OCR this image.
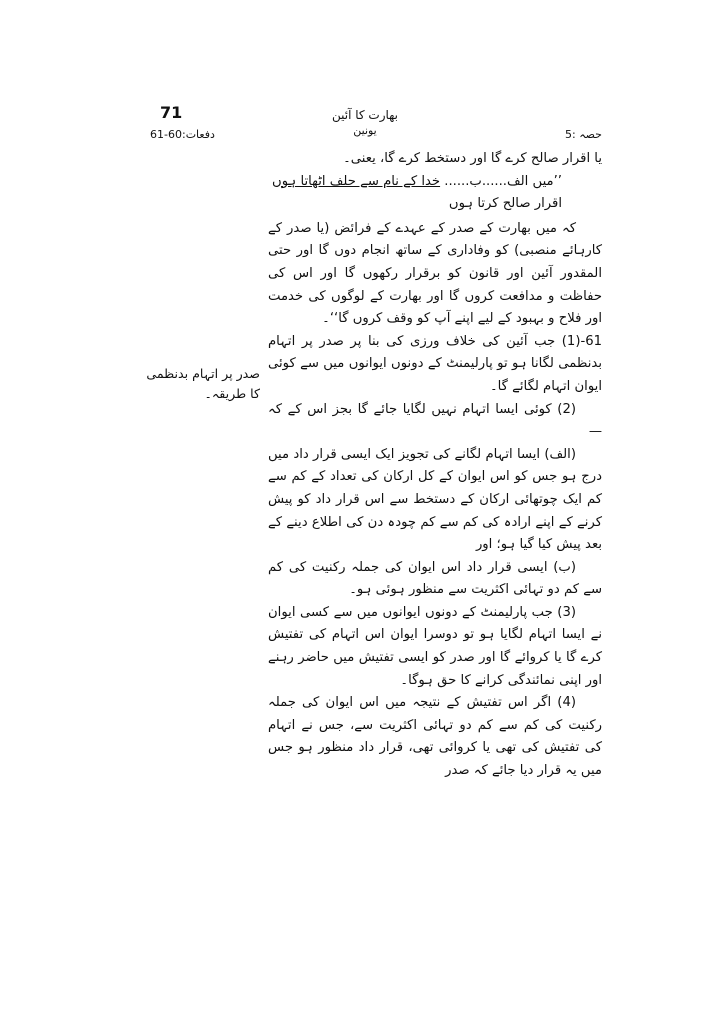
71	بھارت کا آئین
یونین	حصہ :5
دفعات:60-61

یا اقرار صالح کرے گا اور دستخط کرے گا، یعنی۔

’’میں الف......ب...... خدا کے نام سے حلف اٹھاتا ہوں

اقرار صالح کرتا ہوں

کہ میں بھارت کے صدر کے عہدے کے فرائض (یا صدر کے کارہائے منصبی) کو وفاداری کے ساتھ انجام دوں گا اور حتی المقدور آئین اور قانون کو برقرار رکھوں گا اور اس کی حفاظت و مدافعت کروں گا اور بھارت کے لوگوں کی خدمت اور فلاح و بہبود کے لیے اپنے آپ کو وقف کروں گا‘‘۔

61-(1) جب آئین کی خلاف ورزی کی بنا پر صدر پر اتہام بدنظمی لگانا ہو تو پارلیمنٹ کے دونوں ایوانوں میں سے کوئی ایوان اتہام لگائے گا۔

(2) کوئی ایسا اتہام نہیں لگایا جائے گا بجز اس کے کہ —

(الف) ایسا اتہام لگانے کی تجویز ایک ایسی قرار داد میں درج ہو جس کو اس ایوان کے کل ارکان کی تعداد کے کم سے کم ایک چوتھائی ارکان کے دستخط سے اس قرار داد کو پیش کرنے کے اپنے ارادہ کی کم سے کم چودہ دن کی اطلاع دینے کے بعد پیش کیا گیا ہو؛ اور

(ب) ایسی قرار داد اس ایوان کی جملہ رکنیت کی کم سے کم دو تہائی اکثریت سے منظور ہوئی ہو۔

(3) جب پارلیمنٹ کے دونوں ایوانوں میں سے کسی ایوان نے ایسا اتہام لگایا ہو تو دوسرا ایوان اس اتہام کی تفتیش کرے گا یا کروائے گا اور صدر کو ایسی تفتیش میں حاضر رہنے اور اپنی نمائندگی کرانے کا حق ہوگا۔

(4) اگر اس تفتیش کے نتیجہ میں اس ایوان کی جملہ رکنیت کی کم سے کم دو تہائی اکثریت سے، جس نے اتہام کی تفتیش کی تھی یا کروائی تھی، قرار داد منظور ہو جس میں یہ قرار دیا جائے کہ صدر

صدر پر اتہام بدنظمی کا طریقہ۔
